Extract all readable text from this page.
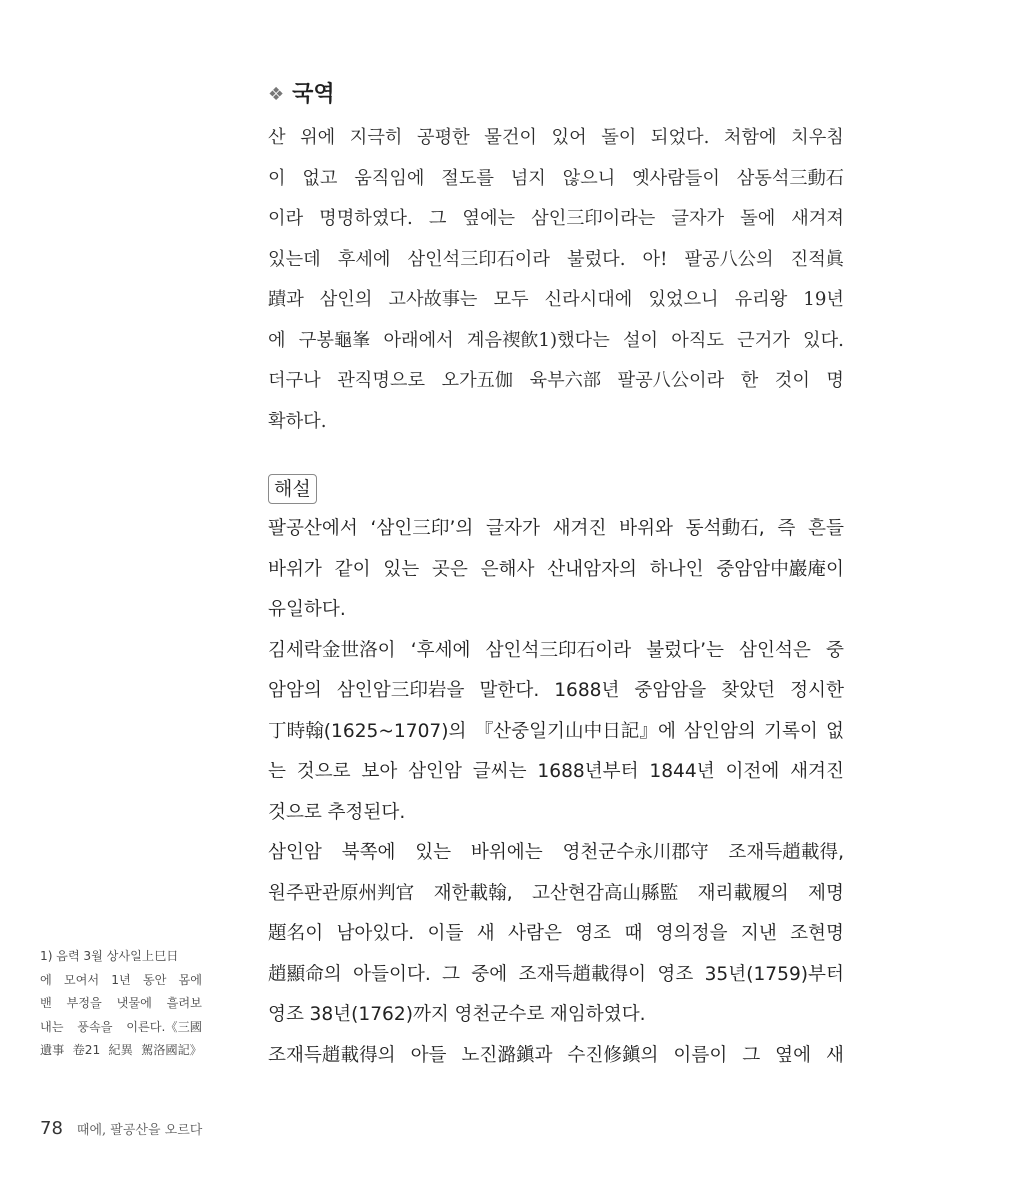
❖ 국역
산 위에 지극히 공평한 물건이 있어 돌이 되었다. 처함에 치우침
이 없고 움직임에 절도를 넘지 않으니 옛사람들이 삼동석三動石
이라 명명하였다. 그 옆에는 삼인三印이라는 글자가 돌에 새겨져
있는데 후세에 삼인석三印石이라 불렀다. 아! 팔공八公의 진적眞
蹟과 삼인의 고사故事는 모두 신라시대에 있었으니 유리왕 19년
에 구봉龜峯 아래에서 계음禊飮1)했다는 설이 아직도 근거가 있다.
더구나 관직명으로 오가五伽 육부六部 팔공八公이라 한 것이 명
확하다.
해설
팔공산에서 ‘삼인三印’의 글자가 새겨진 바위와 동석動石, 즉 흔들
바위가 같이 있는 곳은 은해사 산내암자의 하나인 중암암中巖庵이
유일하다.
김세락金世洛이 ‘후세에 삼인석三印石이라 불렀다’는 삼인석은 중
암암의 삼인암三印岩을 말한다. 1688년 중암암을 찾았던 정시한
丁時翰(1625~1707)의 『산중일기山中日記』에 삼인암의 기록이 없
는 것으로 보아 삼인암 글씨는 1688년부터 1844년 이전에 새겨진
것으로 추정된다.
삼인암 북쪽에 있는 바위에는 영천군수永川郡守 조재득趙載得,
원주판관原州判官 재한載翰, 고산현감高山縣監 재리載履의 제명
題名이 남아있다. 이들 새 사람은 영조 때 영의정을 지낸 조현명
趙顯命의 아들이다. 그 중에 조재득趙載得이 영조 35년(1759)부터
영조 38년(1762)까지 영천군수로 재임하였다.
조재득趙載得의 아들 노진潞鎭과 수진修鎭의 이름이 그 옆에 새
1) 음력 3월 상사일上巳日
에 모여서 1년 동안 몸에
밴 부정을 냇물에 흘려보
내는 풍속을 이른다.《三國
遺事 卷21 紀異 駕洛國記》
78 때에, 팔공산을 오르다
